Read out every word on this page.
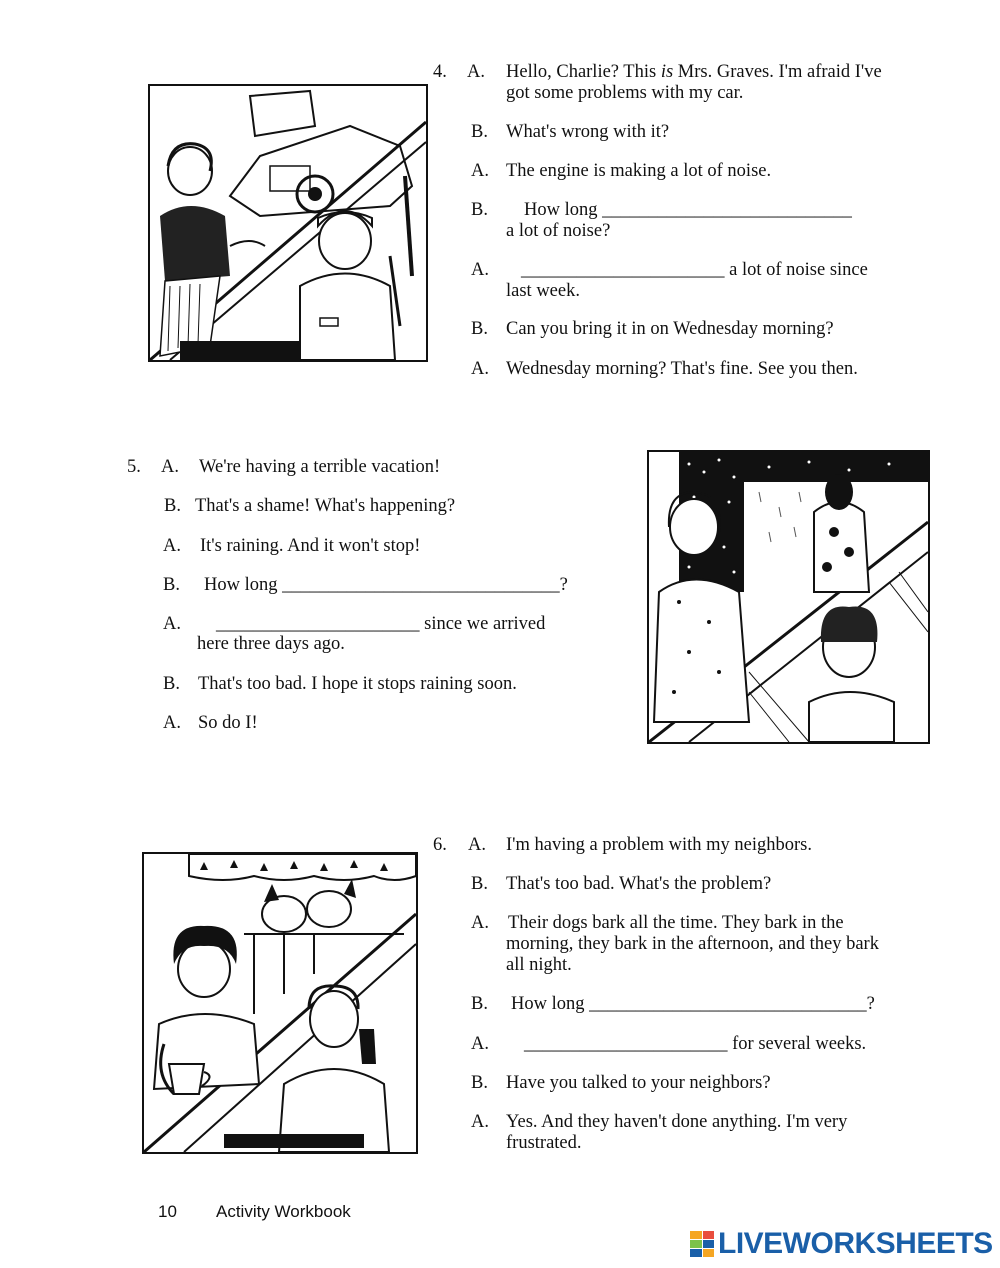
4. A. Hello, Charlie? This is Mrs. Graves. I'm afraid I've
got some problems with my car.
B. What's wrong with it?
A. The engine is making a lot of noise.
B. How long ___________________________
a lot of noise?
A. ______________________ a lot of noise since
last week.
B. Can you bring it in on Wednesday morning?
A. Wednesday morning? That's fine. See you then.
5. A. We're having a terrible vacation!
B. That's a shame! What's happening?
A. It's raining. And it won't stop!
B. How long ______________________________?
A. ______________________ since we arrived
here three days ago.
B. That's too bad. I hope it stops raining soon.
A. So do I!
6. A. I'm having a problem with my neighbors.
B. That's too bad. What's the problem?
A. Their dogs bark all the time. They bark in the
morning, they bark in the afternoon, and they bark
all night.
B. How long ______________________________?
A. ______________________ for several weeks.
B. Have you talked to your neighbors?
A. Yes. And they haven't done anything. I'm very
frustrated.
10 Activity Workbook
LIVEWORKSHEETS
